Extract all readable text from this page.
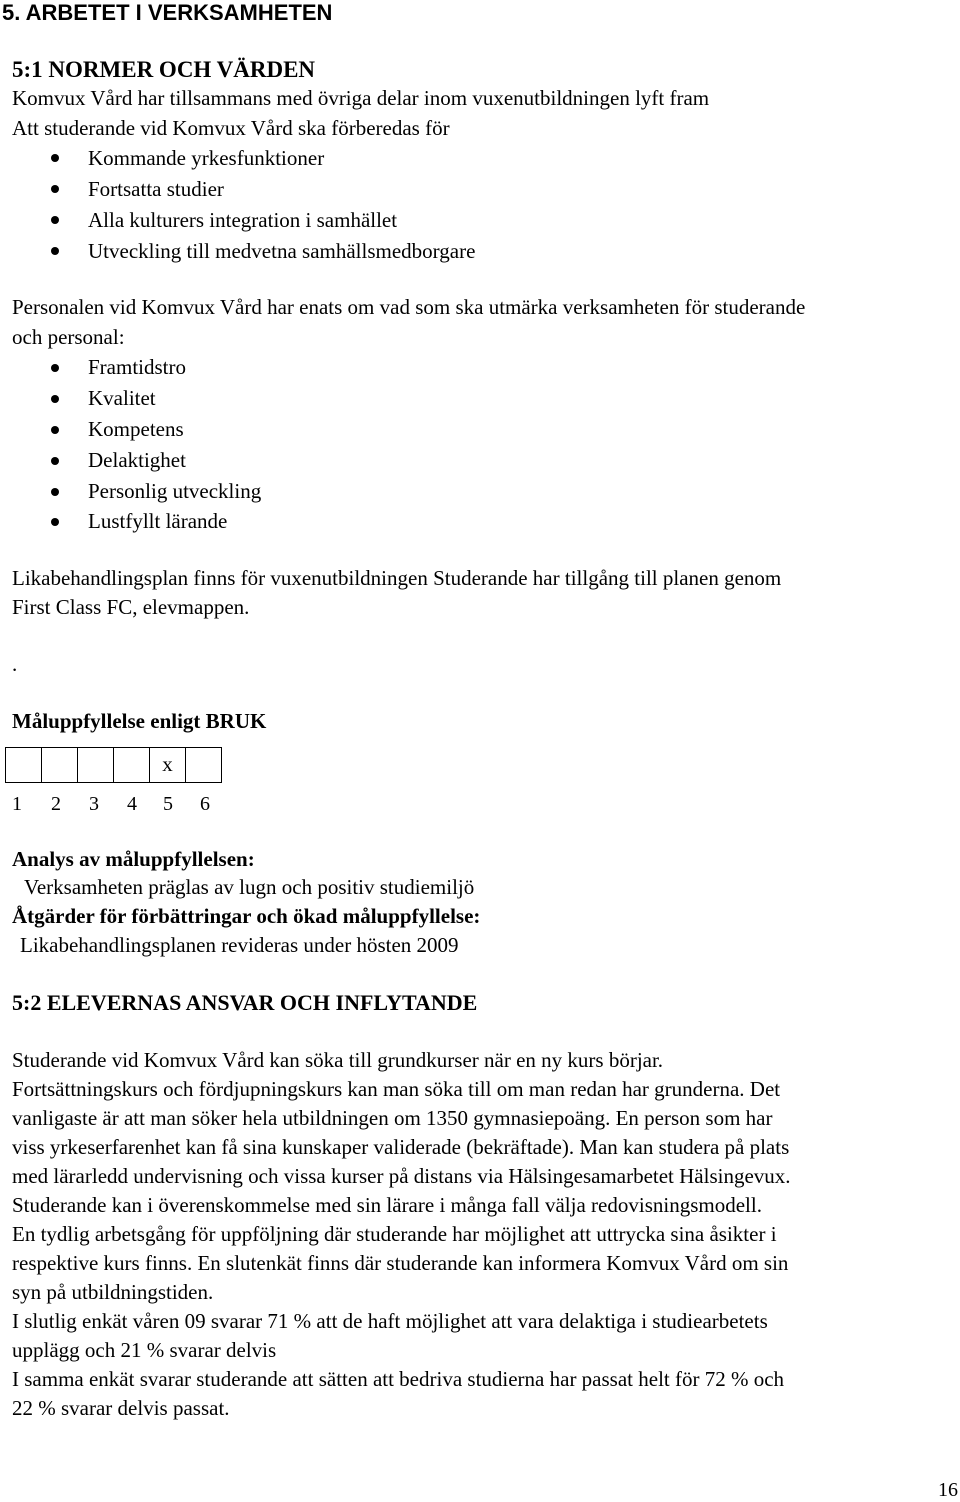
5. ARBETET I VERKSAMHETEN
5:1 NORMER OCH VÄRDEN
Komvux Vård har tillsammans med övriga delar inom vuxenutbildningen lyft fram
Att studerande vid Komvux Vård ska förberedas för
Kommande yrkesfunktioner
Fortsatta studier
Alla kulturers integration i samhället
Utveckling till medvetna samhällsmedborgare
Personalen vid Komvux Vård har enats om vad som ska utmärka verksamheten för studerande
och personal:
Framtidstro
Kvalitet
Kompetens
Delaktighet
Personlig utveckling
Lustfyllt lärande
Likabehandlingsplan finns för vuxenutbildningen Studerande har tillgång till planen genom
First Class FC, elevmappen.
.
Måluppfyllelse enligt BRUK
x
1 2 3 4 5 6
Analys av måluppfyllelsen:
Verksamheten präglas av lugn och positiv studiemiljö
Åtgärder för förbättringar och ökad måluppfyllelse:
Likabehandlingsplanen revideras under hösten 2009
5:2 ELEVERNAS ANSVAR OCH INFLYTANDE
Studerande vid Komvux Vård kan söka till grundkurser när en ny kurs börjar.
Fortsättningskurs och fördjupningskurs kan man söka till om man redan har grunderna. Det
vanligaste är att man söker hela utbildningen om 1350 gymnasiepoäng. En person som har
viss yrkeserfarenhet kan få sina kunskaper validerade (bekräftade). Man kan studera på plats
med lärarledd undervisning och vissa kurser på distans via Hälsingesamarbetet Hälsingevux.
Studerande kan i överenskommelse med sin lärare i många fall välja redovisningsmodell.
En tydlig arbetsgång för uppföljning där studerande har möjlighet att uttrycka sina åsikter i
respektive kurs finns. En slutenkät finns där studerande kan informera Komvux Vård om sin
syn på utbildningstiden.
I slutlig enkät våren 09 svarar 71 % att de haft möjlighet att vara delaktiga i studiearbetets
upplägg och 21 % svarar delvis
I samma enkät svarar studerande att sätten att bedriva studierna har passat helt för 72 % och
22 % svarar delvis passat.
16
